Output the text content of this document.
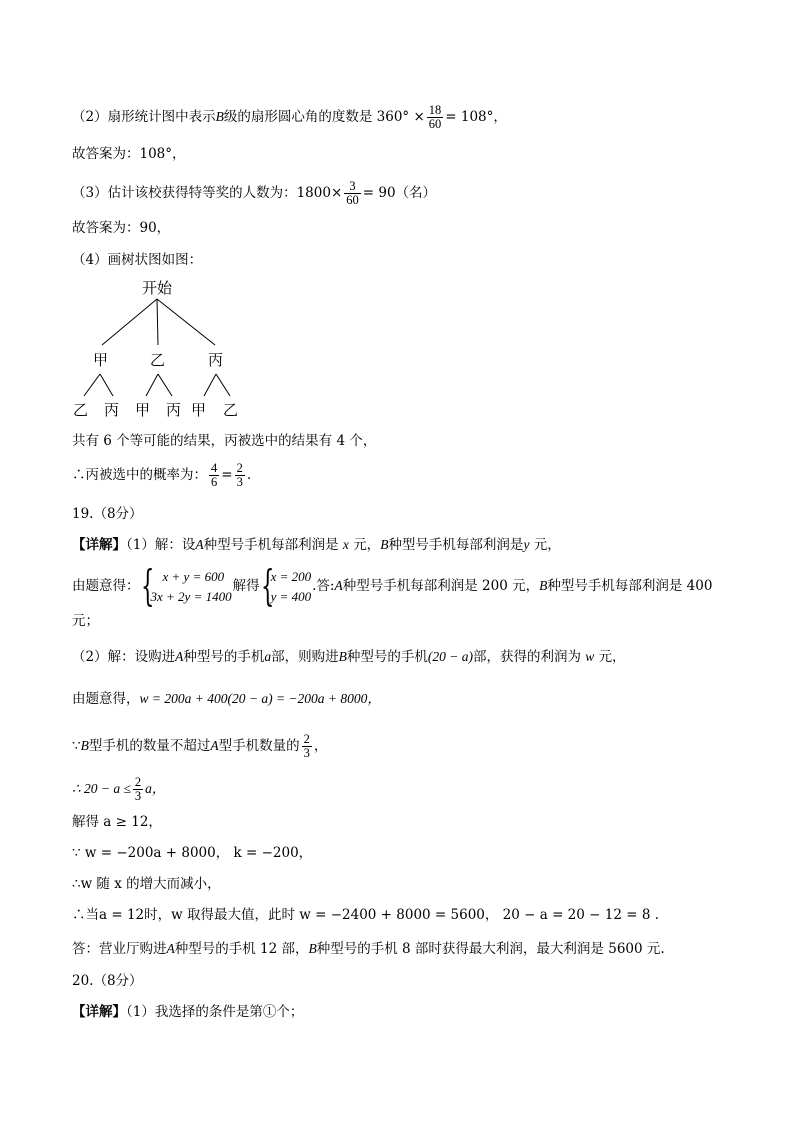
（2）扇形统计图中表示B级的扇形圆心角的度数是 $360^\circ \times \frac{18}{60} = 108^\circ$，
故答案为：108°，
（3）估计该校获得特等奖的人数为：$1800\times \frac{3}{60} = 90$（名）
故答案为：90，
（4）画树状图如图：
开始
甲	乙	丙
乙 丙 甲 丙 甲 乙
共有 6 个等可能的结果，丙被选中的结果有 4 个，
∴丙被选中的概率为： $\frac{4}{6} = \frac{2}{3}$ .
19.（8分）
【详解】（1）解：设A种型号手机每部利润是 x 元，B种型号手机每部利润是y 元，
由题意得： { x + y = 600
3x + 2y = 1400
解得 {
x = 200
y = 400
.答:A种型号手机每部利润是 200 元，B种型号手机每部利润是 400
元；
（2）解：设购进A种型号的手机a部，则购进B种型号的手机(20 − a)部，获得的利润为 w 元，
由题意得，w = 200a + 400(20 − a) = −200a + 8000，
∵B型手机的数量不超过A型手机数量的 $\frac{2}{3}$ ，
∴ $20 - a \le \frac{2}{3}$ a，
解得 a ≥ 12，
∵ w = −200a + 8000， k = −200，
∴w 随 x 的增大而减小，
∴当a = 12时，w 取得最大值，此时 w = −2400 + 8000 = 5600， 20 − a = 20 − 12 = 8 .
答：营业厅购进A种型号的手机 12 部，B种型号的手机 8 部时获得最大利润，最大利润是 5600 元.
20.（8分）
【详解】（1）我选择的条件是第①个；
